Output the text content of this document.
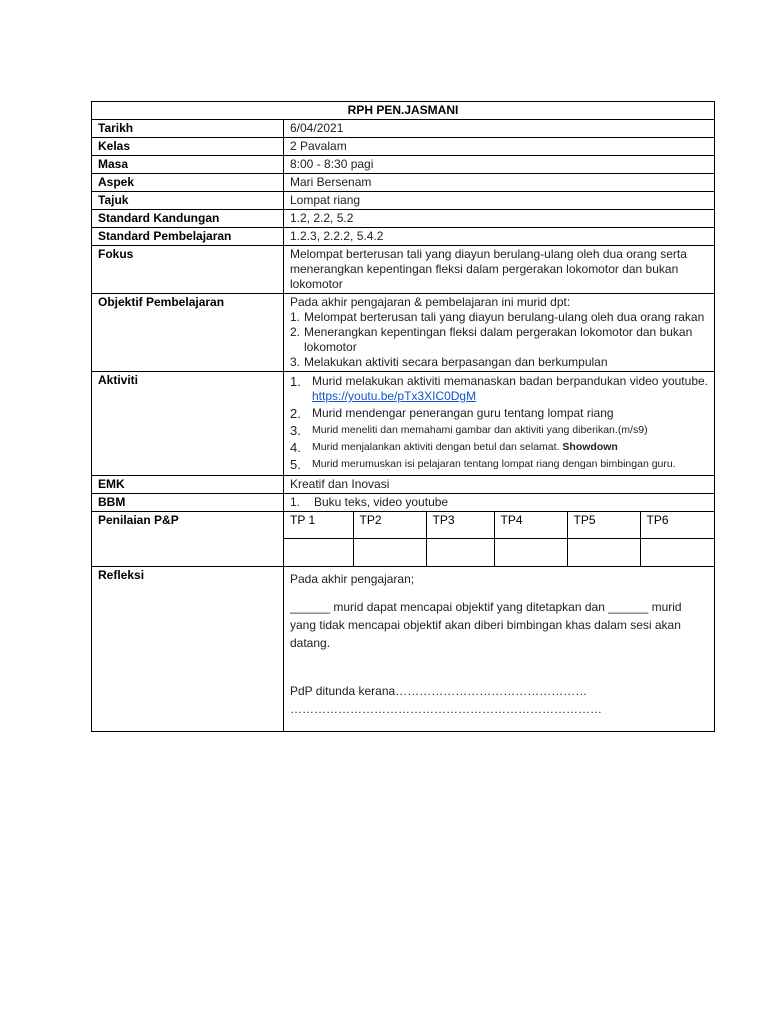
RPH PEN.JASMANI
Tarikh	6/04/2021
Kelas	2 Pavalam
Masa	8:00 - 8:30 pagi
Aspek	Mari Bersenam
Tajuk	Lompat riang
Standard Kandungan	1.2, 2.2, 5.2
Standard Pembelajaran	1.2.3, 2.2.2, 5.4.2
Fokus	Melompat berterusan tali yang diayun berulang-ulang oleh dua orang serta menerangkan kepentingan fleksi dalam pergerakan lokomotor dan bukan lokomotor
Objektif Pembelajaran	Pada akhir pengajaran & pembelajaran ini murid dpt:
1. Melompat berterusan tali yang diayun berulang-ulang oleh dua orang rakan
2. Menerangkan kepentingan fleksi dalam pergerakan lokomotor dan bukan lokomotor
3. Melakukan aktiviti secara berpasangan dan berkumpulan

Aktiviti	1. Murid melakukan aktiviti memanaskan badan berpandukan video youtube. https://youtu.be/pTx3XIC0DgM
2. Murid mendengar penerangan guru tentang lompat riang
3.	Murid meneliti dan memahami gambar dan aktiviti yang diberikan.(m/s9)
4.	Murid menjalankan aktiviti dengan betul dan selamat. Showdown
5.	Murid merumuskan isi pelajaran tentang lompat riang dengan bimbingan guru.

EMK	Kreatif dan Inovasi
BBM	1. Buku teks, video youtube
Penilaian P&P		TP 1	TP2	TP3	TP4	TP5	TP6

Refleksi	Pada akhir pengajaran;

______ murid dapat mencapai objektif yang ditetapkan dan ______ murid yang tidak mencapai objektif akan diberi bimbingan khas dalam sesi akan datang.

PdP ditunda kerana…………………………………………

……………………………………………………………………
